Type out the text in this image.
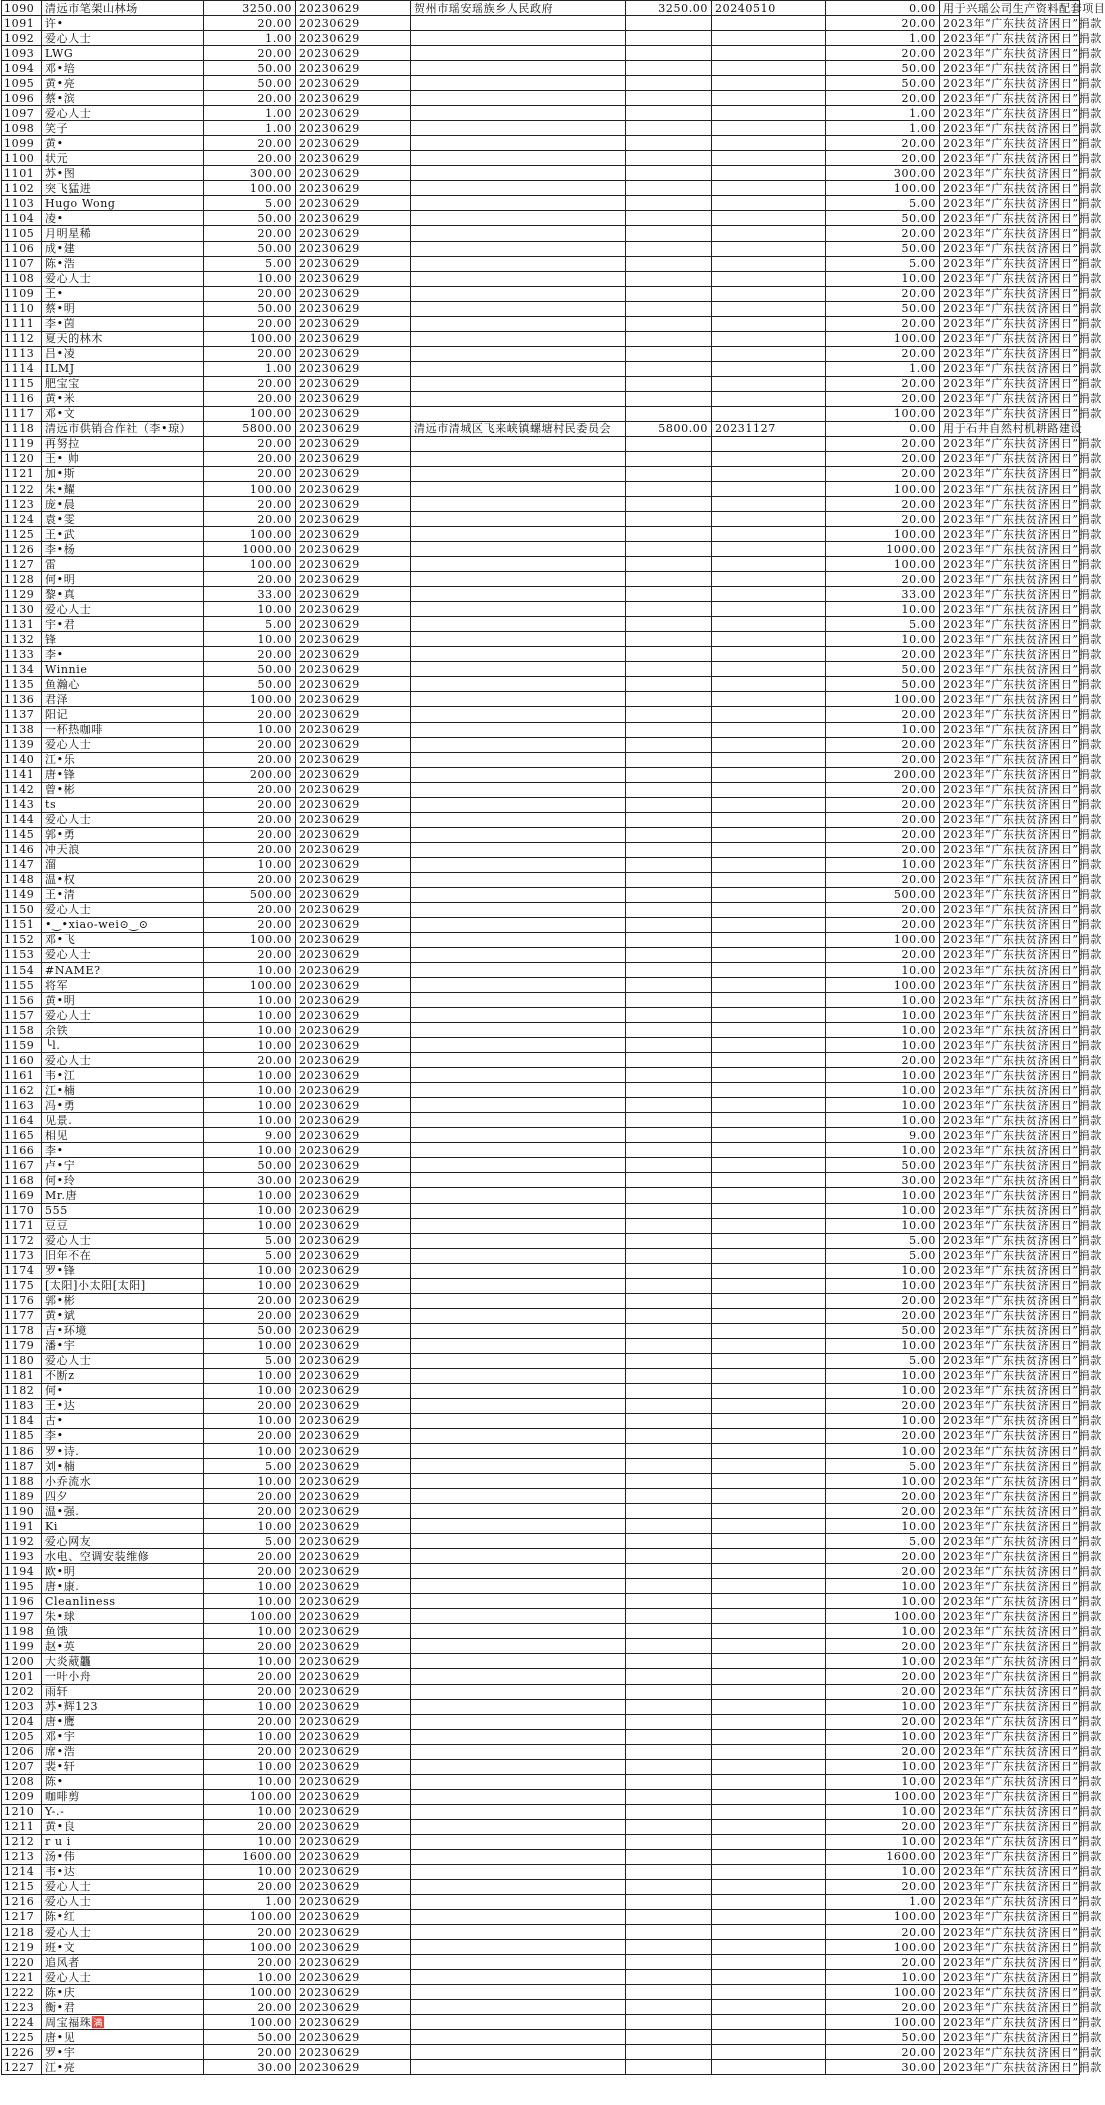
1090	清远市笔架山林场	3250.00	20230629	贺州市瑶安瑶族乡人民政府	3250.00	20240510	0.00	用于兴瑶公司生产资料配套项目
1091	许•	20.00	20230629				20.00	2023年“广东扶贫济困日”捐款
1092	爱心人士	1.00	20230629				1.00	2023年“广东扶贫济困日”捐款
1093	LWG	20.00	20230629				20.00	2023年“广东扶贫济困日”捐款
1094	邓•培	50.00	20230629				50.00	2023年“广东扶贫济困日”捐款
1095	黄•亮	50.00	20230629				50.00	2023年“广东扶贫济困日”捐款
1096	蔡•滨	20.00	20230629				20.00	2023年“广东扶贫济困日”捐款
1097	爱心人士	1.00	20230629				1.00	2023年“广东扶贫济困日”捐款
1098	笑子	1.00	20230629				1.00	2023年“广东扶贫济困日”捐款
1099	黄•	20.00	20230629				20.00	2023年“广东扶贫济困日”捐款
1100	状元	20.00	20230629				20.00	2023年“广东扶贫济困日”捐款
1101	苏•图	300.00	20230629				300.00	2023年“广东扶贫济困日”捐款
1102	突飞猛进	100.00	20230629				100.00	2023年“广东扶贫济困日”捐款
1103	Hugo Wong	5.00	20230629				5.00	2023年“广东扶贫济困日”捐款
1104	凌•	50.00	20230629				50.00	2023年“广东扶贫济困日”捐款
1105	月明星稀	20.00	20230629				20.00	2023年“广东扶贫济困日”捐款
1106	成•建	50.00	20230629				50.00	2023年“广东扶贫济困日”捐款
1107	陈•浩	5.00	20230629				5.00	2023年“广东扶贫济困日”捐款
1108	爱心人士	10.00	20230629				10.00	2023年“广东扶贫济困日”捐款
1109	王•	20.00	20230629				20.00	2023年“广东扶贫济困日”捐款
1110	蔡•明	50.00	20230629				50.00	2023年“广东扶贫济困日”捐款
1111	李•茵	20.00	20230629				20.00	2023年“广东扶贫济困日”捐款
1112	夏天的林木	100.00	20230629				100.00	2023年“广东扶贫济困日”捐款
1113	吕•凌	20.00	20230629				20.00	2023年“广东扶贫济困日”捐款
1114	ILMJ	1.00	20230629				1.00	2023年“广东扶贫济困日”捐款
1115	肥宝宝	20.00	20230629				20.00	2023年“广东扶贫济困日”捐款
1116	黄•米	20.00	20230629				20.00	2023年“广东扶贫济困日”捐款
1117	邓•文	100.00	20230629				100.00	2023年“广东扶贫济困日”捐款
1118	清远市供销合作社（李•琼）	5800.00	20230629	清远市清城区飞来峡镇螺塘村民委员会	5800.00	20231127	0.00	用于石井自然村机耕路建设
1119	再努拉	20.00	20230629				20.00	2023年“广东扶贫济困日”捐款
1120	王• 帅	20.00	20230629				20.00	2023年“广东扶贫济困日”捐款
1121	加•斯	20.00	20230629				20.00	2023年“广东扶贫济困日”捐款
1122	朱•耀	100.00	20230629				100.00	2023年“广东扶贫济困日”捐款
1123	庞•晨	20.00	20230629				20.00	2023年“广东扶贫济困日”捐款
1124	袁•雯	20.00	20230629				20.00	2023年“广东扶贫济困日”捐款
1125	王•武	100.00	20230629				100.00	2023年“广东扶贫济困日”捐款
1126	李•杨	1000.00	20230629				1000.00	2023年“广东扶贫济困日”捐款
1127	雷	100.00	20230629				100.00	2023年“广东扶贫济困日”捐款
1128	何•明	20.00	20230629				20.00	2023年“广东扶贫济困日”捐款
1129	黎•真	33.00	20230629				33.00	2023年“广东扶贫济困日”捐款
1130	爱心人士	10.00	20230629				10.00	2023年“广东扶贫济困日”捐款
1131	宇•君	5.00	20230629				5.00	2023年“广东扶贫济困日”捐款
1132	锋	10.00	20230629				10.00	2023年“广东扶贫济困日”捐款
1133	李•	20.00	20230629				20.00	2023年“广东扶贫济困日”捐款
1134	Winnie	50.00	20230629				50.00	2023年“广东扶贫济困日”捐款
1135	鱼瀚心	50.00	20230629				50.00	2023年“广东扶贫济困日”捐款
1136	君泽	100.00	20230629				100.00	2023年“广东扶贫济困日”捐款
1137	阳记	20.00	20230629				20.00	2023年“广东扶贫济困日”捐款
1138	一杯热咖啡	10.00	20230629				10.00	2023年“广东扶贫济困日”捐款
1139	爱心人士	20.00	20230629				20.00	2023年“广东扶贫济困日”捐款
1140	江•乐	20.00	20230629				20.00	2023年“广东扶贫济困日”捐款
1141	唐•锋	200.00	20230629				200.00	2023年“广东扶贫济困日”捐款
1142	曾•彬	20.00	20230629				20.00	2023年“广东扶贫济困日”捐款
1143	ts	20.00	20230629				20.00	2023年“广东扶贫济困日”捐款
1144	爱心人士	20.00	20230629				20.00	2023年“广东扶贫济困日”捐款
1145	郭•勇	20.00	20230629				20.00	2023年“广东扶贫济困日”捐款
1146	冲天浪	20.00	20230629				20.00	2023年“广东扶贫济困日”捐款
1147	溜	10.00	20230629				10.00	2023年“广东扶贫济困日”捐款
1148	温•权	20.00	20230629				20.00	2023年“广东扶贫济困日”捐款
1149	王•清	500.00	20230629				500.00	2023年“广东扶贫济困日”捐款
1150	爱心人士	20.00	20230629				20.00	2023年“广东扶贫济困日”捐款
1151	•‿•xiao-wei⊙‿⊙	20.00	20230629				20.00	2023年“广东扶贫济困日”捐款
1152	邓•飞	100.00	20230629				100.00	2023年“广东扶贫济困日”捐款
1153	爱心人士	20.00	20230629				20.00	2023年“广东扶贫济困日”捐款
1154	#NAME?	10.00	20230629				10.00	2023年“广东扶贫济困日”捐款
1155	将军	100.00	20230629				100.00	2023年“广东扶贫济困日”捐款
1156	黄•明	10.00	20230629				10.00	2023年“广东扶贫济困日”捐款
1157	爱心人士	10.00	20230629				10.00	2023年“广东扶贫济困日”捐款
1158	余铁	10.00	20230629				10.00	2023年“广东扶贫济困日”捐款
1159	╰l.	10.00	20230629				10.00	2023年“广东扶贫济困日”捐款
1160	爱心人士	20.00	20230629				20.00	2023年“广东扶贫济困日”捐款
1161	韦•江	10.00	20230629				10.00	2023年“广东扶贫济困日”捐款
1162	江•楠	10.00	20230629				10.00	2023年“广东扶贫济困日”捐款
1163	冯•勇	10.00	20230629				10.00	2023年“广东扶贫济困日”捐款
1164	见景.	10.00	20230629				10.00	2023年“广东扶贫济困日”捐款
1165	相见	9.00	20230629				9.00	2023年“广东扶贫济困日”捐款
1166	李•	10.00	20230629				10.00	2023年“广东扶贫济困日”捐款
1167	卢•宁	50.00	20230629				50.00	2023年“广东扶贫济困日”捐款
1168	何•玲	30.00	20230629				30.00	2023年“广东扶贫济困日”捐款
1169	Mr.唐	10.00	20230629				10.00	2023年“广东扶贫济困日”捐款
1170	555	10.00	20230629				10.00	2023年“广东扶贫济困日”捐款
1171	豆豆	10.00	20230629				10.00	2023年“广东扶贫济困日”捐款
1172	爱心人士	5.00	20230629				5.00	2023年“广东扶贫济困日”捐款
1173	旧年不在	5.00	20230629				5.00	2023年“广东扶贫济困日”捐款
1174	罗•锋	10.00	20230629				10.00	2023年“广东扶贫济困日”捐款
1175	[太阳]小太阳[太阳]	10.00	20230629				10.00	2023年“广东扶贫济困日”捐款
1176	郭•彬	20.00	20230629				20.00	2023年“广东扶贫济困日”捐款
1177	黄•斌	20.00	20230629				20.00	2023年“广东扶贫济困日”捐款
1178	吉•环境	50.00	20230629				50.00	2023年“广东扶贫济困日”捐款
1179	潘•宇	10.00	20230629				10.00	2023年“广东扶贫济困日”捐款
1180	爱心人士	5.00	20230629				5.00	2023年“广东扶贫济困日”捐款
1181	不断z	10.00	20230629				10.00	2023年“广东扶贫济困日”捐款
1182	何•	10.00	20230629				10.00	2023年“广东扶贫济困日”捐款
1183	王•达	20.00	20230629				20.00	2023年“广东扶贫济困日”捐款
1184	古•	10.00	20230629				10.00	2023年“广东扶贫济困日”捐款
1185	李•	20.00	20230629				20.00	2023年“广东扶贫济困日”捐款
1186	罗•诗.	10.00	20230629				10.00	2023年“广东扶贫济困日”捐款
1187	刘•楠	5.00	20230629				5.00	2023年“广东扶贫济困日”捐款
1188	小乔流水	10.00	20230629				10.00	2023年“广东扶贫济困日”捐款
1189	四夕	20.00	20230629				20.00	2023年“广东扶贫济困日”捐款
1190	温•强.	20.00	20230629				20.00	2023年“广东扶贫济困日”捐款
1191	Ki	10.00	20230629				10.00	2023年“广东扶贫济困日”捐款
1192	爱心网友	5.00	20230629				5.00	2023年“广东扶贫济困日”捐款
1193	水电、空调安装维修	20.00	20230629				20.00	2023年“广东扶贫济困日”捐款
1194	欧•明	20.00	20230629				20.00	2023年“广东扶贫济困日”捐款
1195	唐•康.	10.00	20230629				10.00	2023年“广东扶贫济困日”捐款
1196	Cleanliness	10.00	20230629				10.00	2023年“广东扶贫济困日”捐款
1197	朱•球	100.00	20230629				100.00	2023年“广东扶贫济困日”捐款
1198	鱼饿	10.00	20230629				10.00	2023年“广东扶贫济困日”捐款
1199	赵•英	20.00	20230629				20.00	2023年“广东扶贫济困日”捐款
1200	大炎葳龘	10.00	20230629				10.00	2023年“广东扶贫济困日”捐款
1201	一叶小舟	20.00	20230629				20.00	2023年“广东扶贫济困日”捐款
1202	雨轩	20.00	20230629				20.00	2023年“广东扶贫济困日”捐款
1203	苏•辉123	10.00	20230629				10.00	2023年“广东扶贫济困日”捐款
1204	唐•鹰	20.00	20230629				20.00	2023年“广东扶贫济困日”捐款
1205	邓•宇	10.00	20230629				10.00	2023年“广东扶贫济困日”捐款
1206	席•浩	20.00	20230629				20.00	2023年“广东扶贫济困日”捐款
1207	裴•轩	10.00	20230629				10.00	2023年“广东扶贫济困日”捐款
1208	陈•	10.00	20230629				10.00	2023年“广东扶贫济困日”捐款
1209	咖啡剪	100.00	20230629				100.00	2023年“广东扶贫济困日”捐款
1210	Y-.-	10.00	20230629				10.00	2023年“广东扶贫济困日”捐款
1211	黄•良	20.00	20230629				20.00	2023年“广东扶贫济困日”捐款
1212	r u i	10.00	20230629				10.00	2023年“广东扶贫济困日”捐款
1213	汤•伟	1600.00	20230629				1600.00	2023年“广东扶贫济困日”捐款
1214	韦•达	10.00	20230629				10.00	2023年“广东扶贫济困日”捐款
1215	爱心人士	20.00	20230629				20.00	2023年“广东扶贫济困日”捐款
1216	爱心人士	1.00	20230629				1.00	2023年“广东扶贫济困日”捐款
1217	陈•红	100.00	20230629				100.00	2023年“广东扶贫济困日”捐款
1218	爱心人士	20.00	20230629				20.00	2023年“广东扶贫济困日”捐款
1219	班•文	100.00	20230629				100.00	2023年“广东扶贫济困日”捐款
1220	追风者	20.00	20230629				20.00	2023年“广东扶贫济困日”捐款
1221	爱心人士	10.00	20230629				10.00	2023年“广东扶贫济困日”捐款
1222	陈•庆	100.00	20230629				100.00	2023年“广东扶贫济困日”捐款
1223	衡•君	20.00	20230629				20.00	2023年“广东扶贫济困日”捐款
1224	周宝福珠🈵	100.00	20230629				100.00	2023年“广东扶贫济困日”捐款
1225	唐•见	50.00	20230629				50.00	2023年“广东扶贫济困日”捐款
1226	罗•宇	20.00	20230629				20.00	2023年“广东扶贫济困日”捐款
1227	江•亮	30.00	20230629				30.00	2023年“广东扶贫济困日”捐款
